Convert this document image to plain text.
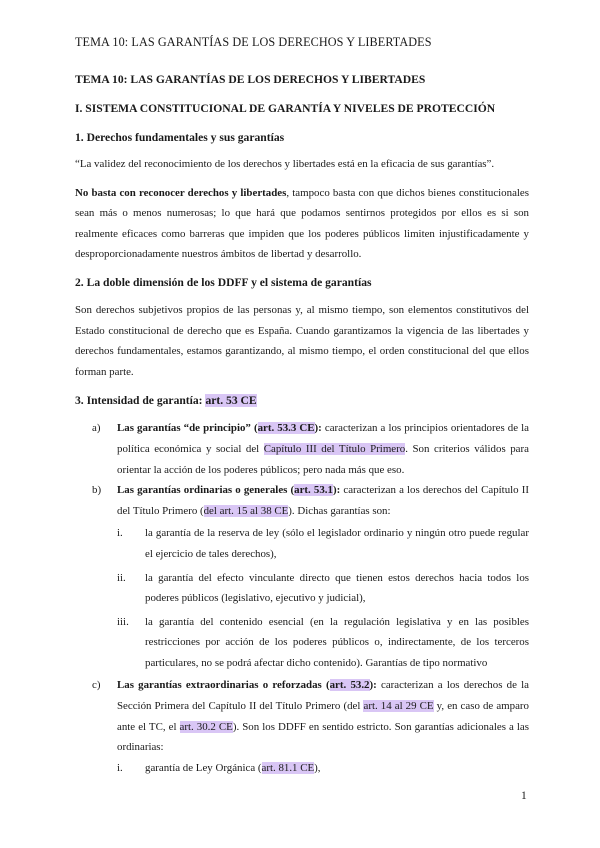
TEMA 10: LAS GARANTÍAS DE LOS DERECHOS Y LIBERTADES
TEMA 10: LAS GARANTÍAS DE LOS DERECHOS Y LIBERTADES
I. SISTEMA CONSTITUCIONAL DE GARANTÍA Y NIVELES DE PROTECCIÓN
1. Derechos fundamentales y sus garantías

“La validez del reconocimiento de los derechos y libertades está en la eficacia de sus garantías”.

No basta con reconocer derechos y libertades, tampoco basta con que dichos bienes constitucionales sean más o menos numerosas; lo que hará que podamos sentirnos protegidos por ellos es si son realmente eficaces como barreras que impiden que los poderes públicos limiten injustificadamente y desproporcionadamente nuestros ámbitos de libertad y desarrollo.

2. La doble dimensión de los DDFF y el sistema de garantías

Son derechos subjetivos propios de las personas y, al mismo tiempo, son elementos constitutivos del Estado constitucional de derecho que es España. Cuando garantizamos la vigencia de las libertades y derechos fundamentales, estamos garantizando, al mismo tiempo, el orden constitucional del que ellos forman parte.

3. Intensidad de garantía: art. 53 CE
a) Las garantías “de principio” (art. 53.3 CE): caracterizan a los principios orientadores de la política económica y social del Capítulo III del Título Primero. Son criterios válidos para orientar la acción de los poderes públicos; pero nada más que eso.
b) Las garantías ordinarias o generales (art. 53.1): caracterizan a los derechos del Capítulo II del Título Primero (del art. 15 al 38 CE). Dichas garantías son:
i.	la garantía de la reserva de ley (sólo el legislador ordinario y ningún otro puede regular el ejercicio de tales derechos),
ii.	la garantía del efecto vinculante directo que tienen estos derechos hacia todos los poderes públicos (legislativo, ejecutivo y judicial),
iii.	la garantía del contenido esencial (en la regulación legislativa y en las posibles restricciones por acción de los poderes públicos o, indirectamente, de los terceros particulares, no se podrá afectar dicho contenido). Garantías de tipo normativo
c) Las garantías extraordinarias o reforzadas (art. 53.2): caracterizan a los derechos de la Sección Primera del Capítulo II del Título Primero (del art. 14 al 29 CE y, en caso de amparo ante el TC, el art. 30.2 CE). Son los DDFF en sentido estricto. Son garantías adicionales a las ordinarias:
i.	garantía de Ley Orgánica (art. 81.1 CE),
1
